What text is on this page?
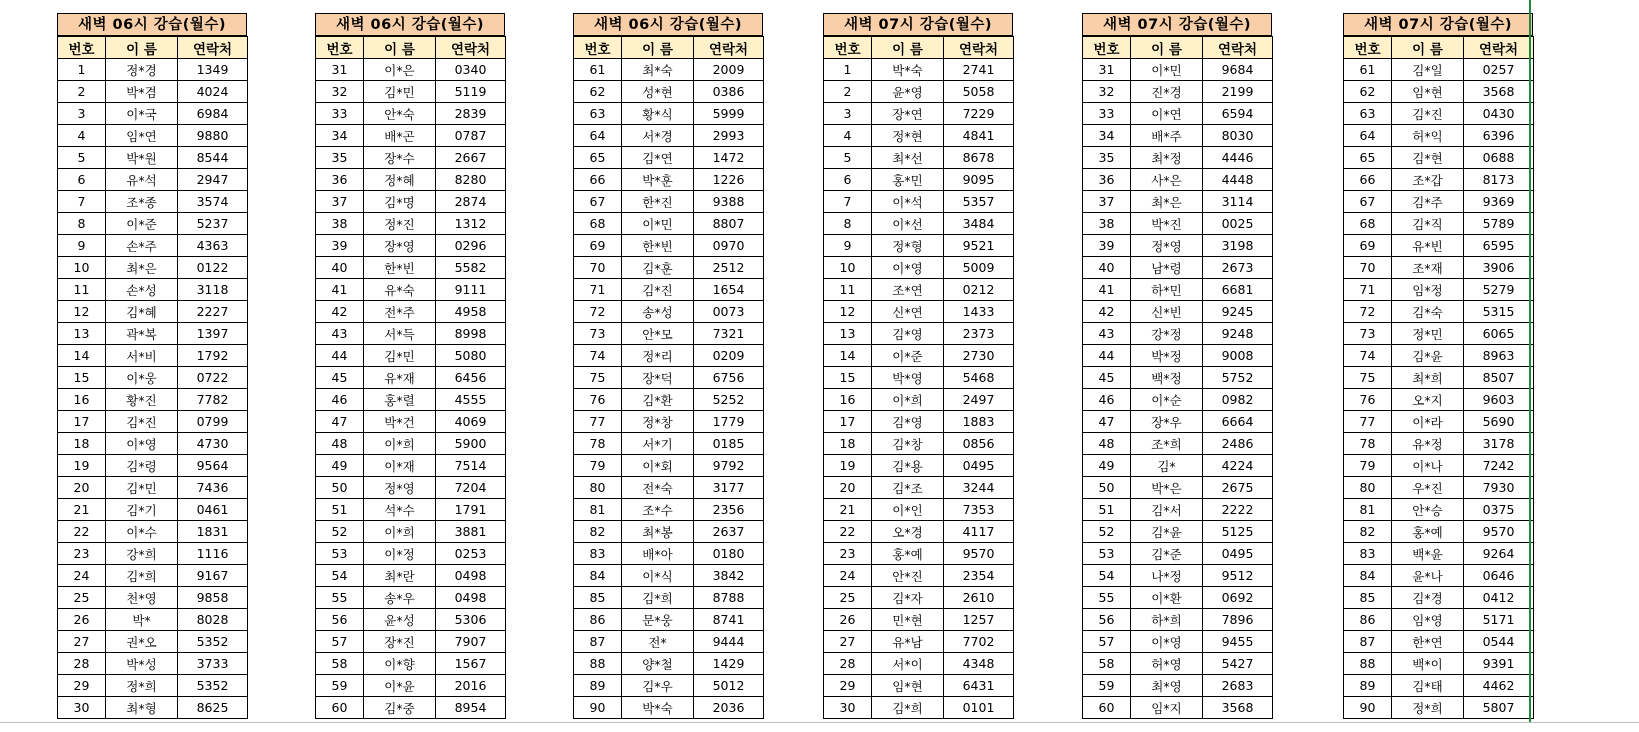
새벽 06시 강습(월수)
번호	이 름	연락처
1	정*경	1349
2	박*겸	4024
3	이*국	6984
4	임*연	9880
5	박*원	8544
6	유*석	2947
7	조*종	3574
8	이*준	5237
9	손*주	4363
10	최*은	0122
11	손*성	3118
12	김*혜	2227
13	곽*복	1397
14	서*비	1792
15	이*웅	0722
16	황*진	7782
17	김*진	0799
18	이*영	4730
19	김*령	9564
20	김*민	7436
21	김*기	0461
22	이*수	1831
23	강*희	1116
24	김*희	9167
25	천*영	9858
26	박*	8028
27	권*오	5352
28	박*성	3733
29	정*희	5352
30	최*형	8625
새벽 06시 강습(월수)
번호	이 름	연락처
31	이*은	0340
32	김*민	5119
33	안*숙	2839
34	배*곤	0787
35	장*수	2667
36	정*혜	8280
37	김*명	2874
38	정*진	1312
39	장*영	0296
40	한*빈	5582
41	유*숙	9111
42	전*주	4958
43	서*득	8998
44	김*민	5080
45	유*재	6456
46	홍*렬	4555
47	박*건	4069
48	이*희	5900
49	이*재	7514
50	정*영	7204
51	석*수	1791
52	이*희	3881
53	이*정	0253
54	최*란	0498
55	송*우	0498
56	윤*성	5306
57	장*진	7907
58	이*향	1567
59	이*윤	2016
60	김*중	8954
새벽 06시 강습(월수)
번호	이 름	연락처
61	최*숙	2009
62	성*현	0386
63	황*식	5999
64	서*경	2993
65	김*연	1472
66	박*훈	1226
67	한*진	9388
68	이*민	8807
69	한*빈	0970
70	김*훈	2512
71	김*진	1654
72	송*성	0073
73	안*모	7321
74	정*리	0209
75	장*덕	6756
76	김*환	5252
77	정*창	1779
78	서*기	0185
79	이*회	9792
80	전*숙	3177
81	조*수	2356
82	최*봉	2637
83	배*아	0180
84	이*식	3842
85	김*희	8788
86	문*웅	8741
87	전*	9444
88	양*철	1429
89	김*우	5012
90	박*숙	2036
새벽 07시 강습(월수)
번호	이 름	연락처
1	박*숙	2741
2	윤*영	5058
3	장*연	7229
4	정*현	4841
5	최*선	8678
6	홍*민	9095
7	이*석	5357
8	이*선	3484
9	정*형	9521
10	이*영	5009
11	조*연	0212
12	신*연	1433
13	김*영	2373
14	이*준	2730
15	박*영	5468
16	이*희	2497
17	김*영	1883
18	김*창	0856
19	김*용	0495
20	김*조	3244
21	이*인	7353
22	오*경	4117
23	홍*예	9570
24	안*진	2354
25	김*자	2610
26	민*현	1257
27	유*남	7702
28	서*이	4348
29	임*현	6431
30	김*희	0101
새벽 07시 강습(월수)
번호	이 름	연락처
31	이*민	9684
32	진*경	2199
33	이*연	6594
34	배*주	8030
35	최*정	4446
36	사*은	4448
37	최*은	3114
38	박*진	0025
39	정*영	3198
40	남*령	2673
41	하*민	6681
42	신*빈	9245
43	강*정	9248
44	박*정	9008
45	백*정	5752
46	이*순	0982
47	장*우	6664
48	조*희	2486
49	김*	4224
50	박*은	2675
51	김*서	2222
52	김*윤	5125
53	김*준	0495
54	나*정	9512
55	이*환	0692
56	하*희	7896
57	이*영	9455
58	허*영	5427
59	최*영	2683
60	임*지	3568
새벽 07시 강습(월수)
번호	이 름	연락처
61	김*일	0257
62	임*현	3568
63	김*진	0430
64	허*익	6396
65	김*현	0688
66	조*갑	8173
67	김*주	9369
68	김*직	5789
69	유*빈	6595
70	조*재	3906
71	임*정	5279
72	김*숙	5315
73	정*민	6065
74	김*윤	8963
75	최*희	8507
76	오*지	9603
77	이*라	5690
78	유*정	3178
79	이*나	7242
80	우*진	7930
81	안*승	0375
82	홍*예	9570
83	백*윤	9264
84	윤*나	0646
85	김*경	0412
86	임*영	5171
87	한*연	0544
88	백*이	9391
89	김*태	4462
90	정*희	5807
